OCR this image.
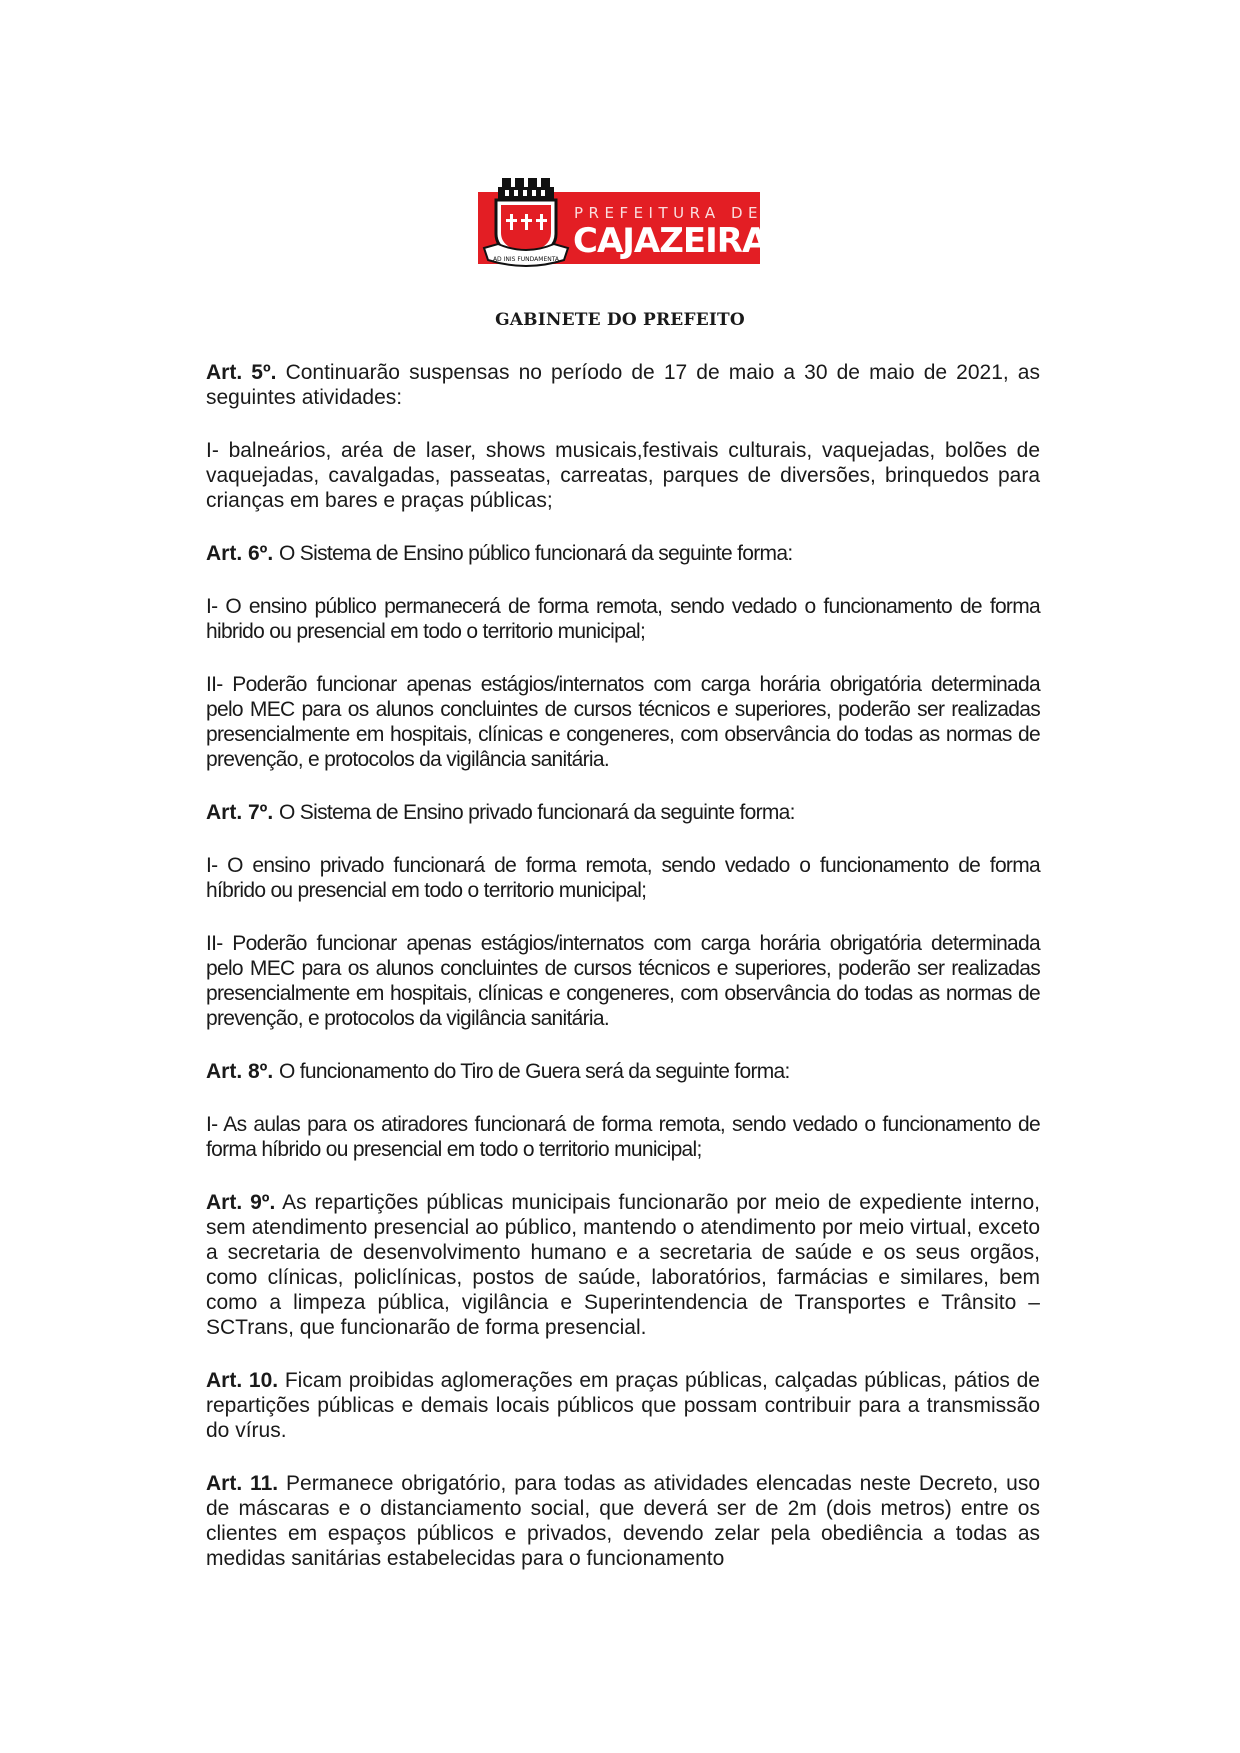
AD INIS FUNDAMENTA
PREFEITURA DE
CAJAZEIRAS
GABINETE DO PREFEITO

Art. 5º. Continuarão suspensas no período de 17 de maio a 30 de maio de 2021, as seguintes atividades:

I- balneários, aréa de laser, shows musicais,festivais culturais, vaquejadas, bolões de vaquejadas, cavalgadas, passeatas, carreatas, parques de diversões, brinquedos para crianças em bares e praças públicas;

Art. 6º. O Sistema de Ensino público funcionará da seguinte forma:

I- O ensino público permanecerá de forma remota, sendo vedado o funcionamento de forma hibrido ou presencial em todo o territorio municipal;

II- Poderão funcionar apenas estágios/internatos com carga horária obrigatória determinada pelo MEC para os alunos concluintes de cursos técnicos e superiores, poderão ser realizadas presencialmente em hospitais, clínicas e congeneres, com observância do todas as normas de prevenção, e protocolos da vigilância sanitária.

Art. 7º. O Sistema de Ensino privado funcionará da seguinte forma:

I- O ensino privado funcionará de forma remota, sendo vedado o funcionamento de forma híbrido ou presencial em todo o territorio municipal;

II- Poderão funcionar apenas estágios/internatos com carga horária obrigatória determinada pelo MEC para os alunos concluintes de cursos técnicos e superiores, poderão ser realizadas presencialmente em hospitais, clínicas e congeneres, com observância do todas as normas de prevenção, e protocolos da vigilância sanitária.

Art. 8º. O funcionamento do Tiro de Guera será da seguinte forma:

I- As aulas para os atiradores funcionará de forma remota, sendo vedado o funcionamento de forma híbrido ou presencial em todo o territorio municipal;

Art. 9º. As repartições públicas municipais funcionarão por meio de expediente interno, sem atendimento presencial ao público, mantendo o atendimento por meio virtual, exceto a secretaria de desenvolvimento humano e a secretaria de saúde e os seus orgãos, como clínicas, policlínicas, postos de saúde, laboratórios, farmácias e similares, bem como a limpeza pública, vigilância e Superintendencia de Transportes e Trânsito – SCTrans, que funcionarão de forma presencial.

Art. 10. Ficam proibidas aglomerações em praças públicas, calçadas públicas, pátios de repartições públicas e demais locais públicos que possam contribuir para a transmissão do vírus.

Art. 11. Permanece obrigatório, para todas as atividades elencadas neste Decreto, uso de máscaras e o distanciamento social, que deverá ser de 2m (dois metros) entre os clientes em espaços públicos e privados, devendo zelar pela obediência a todas as medidas sanitárias estabelecidas para o funcionamento
